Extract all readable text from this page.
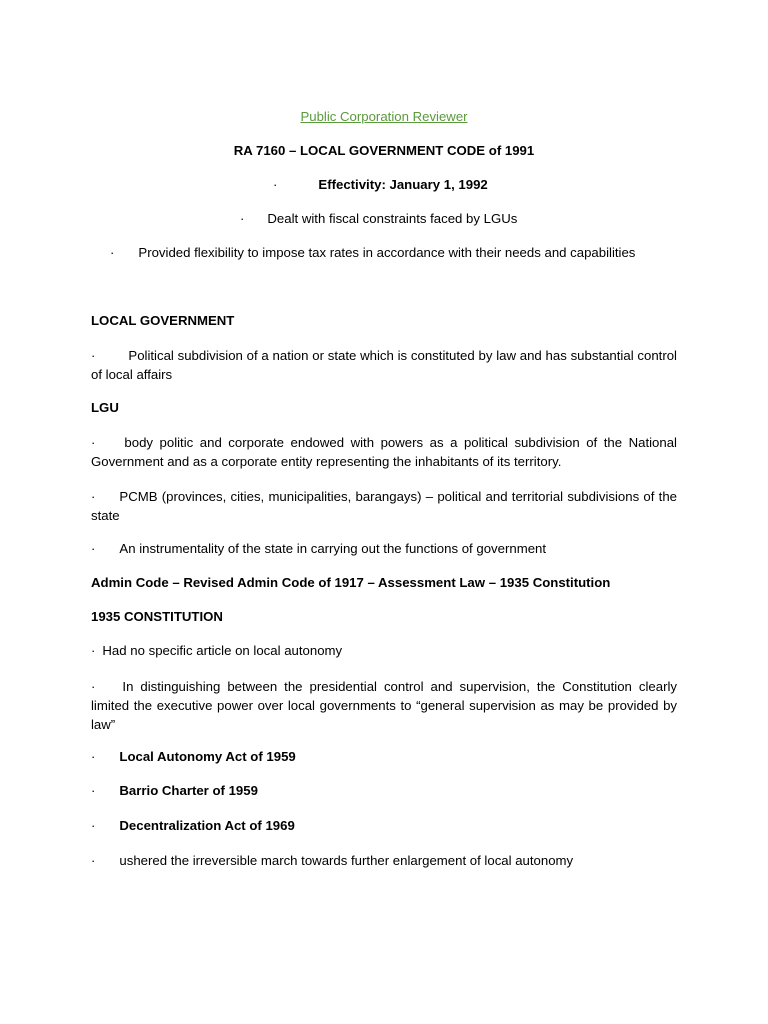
Public Corporation Reviewer
RA 7160 – LOCAL GOVERNMENT CODE of 1991
·	Effectivity: January 1, 1992
· Dealt with fiscal constraints faced by LGUs
· Provided flexibility to impose tax rates in accordance with their needs and capabilities
LOCAL GOVERNMENT
·	Political subdivision of a nation or state which is constituted by law and has substantial control of local affairs
LGU
· body politic and corporate endowed with powers as a political subdivision of the National Government and as a corporate entity representing the inhabitants of its territory.
· PCMB (provinces, cities, municipalities, barangays) – political and territorial subdivisions of the state
· An instrumentality of the state in carrying out the functions of government
Admin Code – Revised Admin Code of 1917 – Assessment Law – 1935 Constitution
1935 CONSTITUTION
· Had no specific article on local autonomy
· In distinguishing between the presidential control and supervision, the Constitution clearly limited the executive power over local governments to “general supervision as may be provided by law”
· Local Autonomy Act of 1959
· Barrio Charter of 1959
· Decentralization Act of 1969
· ushered the irreversible march towards further enlargement of local autonomy
